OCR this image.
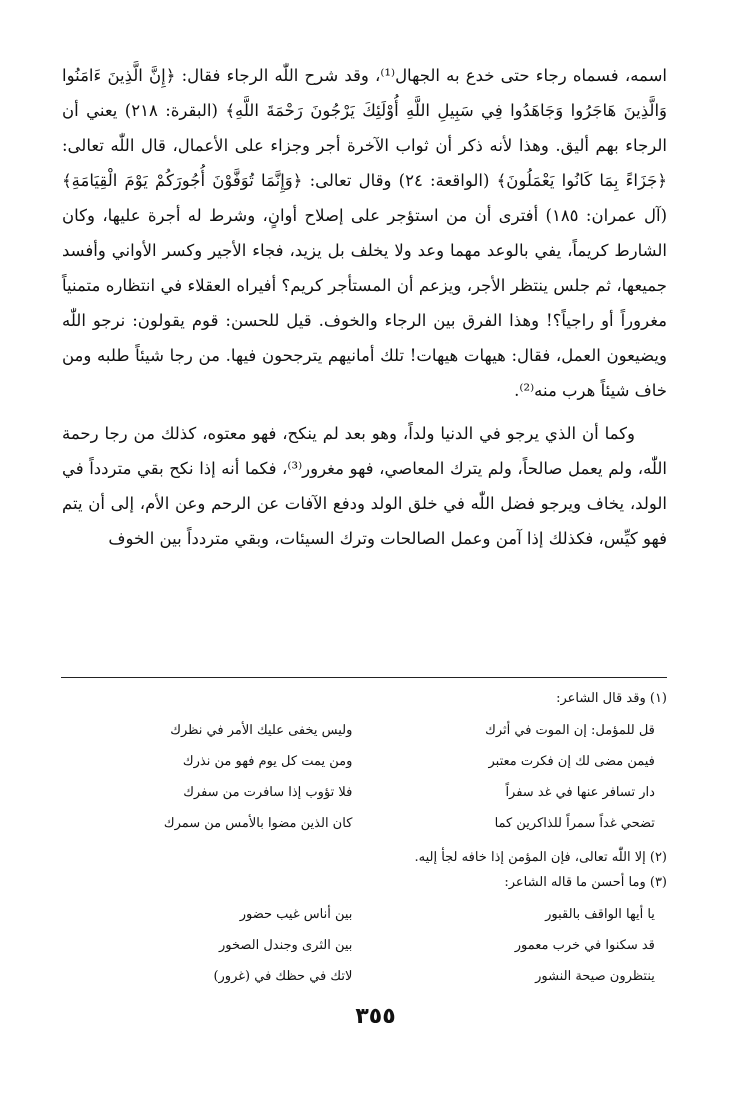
اسمه، فسماه رجاء حتى خدع به الجهال⁽¹⁾، وقد شرح اللّٰه الرجاء فقال: ﴿إِنَّ الَّذِينَ ءَامَنُوا وَالَّذِينَ هَاجَرُوا وَجَاهَدُوا فِي سَبِيلِ اللَّهِ أُوْلَئِكَ يَرْجُونَ رَحْمَةَ اللَّهِ﴾ (البقرة: ٢١٨) يعني أن الرجاء بهم أليق. وهذا لأنه ذكر أن ثواب الآخرة أجر وجزاء على الأعمال، قال اللّٰه تعالى: ﴿جَزَاءً بِمَا كَانُوا يَعْمَلُونَ﴾ (الواقعة: ٢٤) وقال تعالى: ﴿وَإِنَّمَا تُوَفَّوْنَ أُجُورَكُمْ يَوْمَ الْقِيَامَةِ﴾ (آل عمران: ١٨٥) أفترى أن من استؤجر على إصلاح أوانٍ، وشرط له أجرة عليها، وكان الشارط كريماً، يفي بالوعد مهما وعد ولا يخلف بل يزيد، فجاء الأجير وكسر الأواني وأفسد جميعها، ثم جلس ينتظر الأجر، ويزعم أن المستأجر كريم؟ أفيراه العقلاء في انتظاره متمنياً مغروراً أو راجياً؟! وهذا الفرق بين الرجاء والخوف. قيل للحسن: قوم يقولون: نرجو اللّٰه ويضيعون العمل، فقال: هيهات هيهات! تلك أمانيهم يترجحون فيها. من رجا شيئاً طلبه ومن خاف شيئاً هرب منه⁽²⁾.

وكما أن الذي يرجو في الدنيا ولداً، وهو بعد لم ينكح، فهو معتوه، كذلك من رجا رحمة اللّٰه، ولم يعمل صالحاً، ولم يترك المعاصي، فهو مغرور⁽³⁾، فكما أنه إذا نكح بقي متردداً في الولد، يخاف ويرجو فضل اللّٰه في خلق الولد ودفع الآفات عن الرحم وعن الأم، إلى أن يتم فهو كيِّس، فكذلك إذا آمن وعمل الصالحات وترك السيئات، وبقي متردداً بين الخوف

(١) وقد قال الشاعر:
قل للمؤمل: إن الموت في أثرك
وليس يخفى عليك الأمر في نظرك
فيمن مضى لك إن فكرت معتبر
ومن يمت كل يوم فهو من نذرك
دار تسافر عنها في غد سفراً
فلا تؤوب إذا سافرت من سفرك
تضحي غداً سمراً للذاكرين كما
كان الذين مضوا بالأمس من سمرك
(٢) إلا اللّٰه تعالى، فإن المؤمن إذا خافه لجأ إليه.
(٣) وما أحسن ما قاله الشاعر:
يا أيها الواقف بالقبور
بين أناس غيب حضور
قد سكنوا في خرب معمور
بين الثرى وجندل الصخور
ينتظرون صيحة النشور
لاتك في حظك في (غرور)
٣٥٥
